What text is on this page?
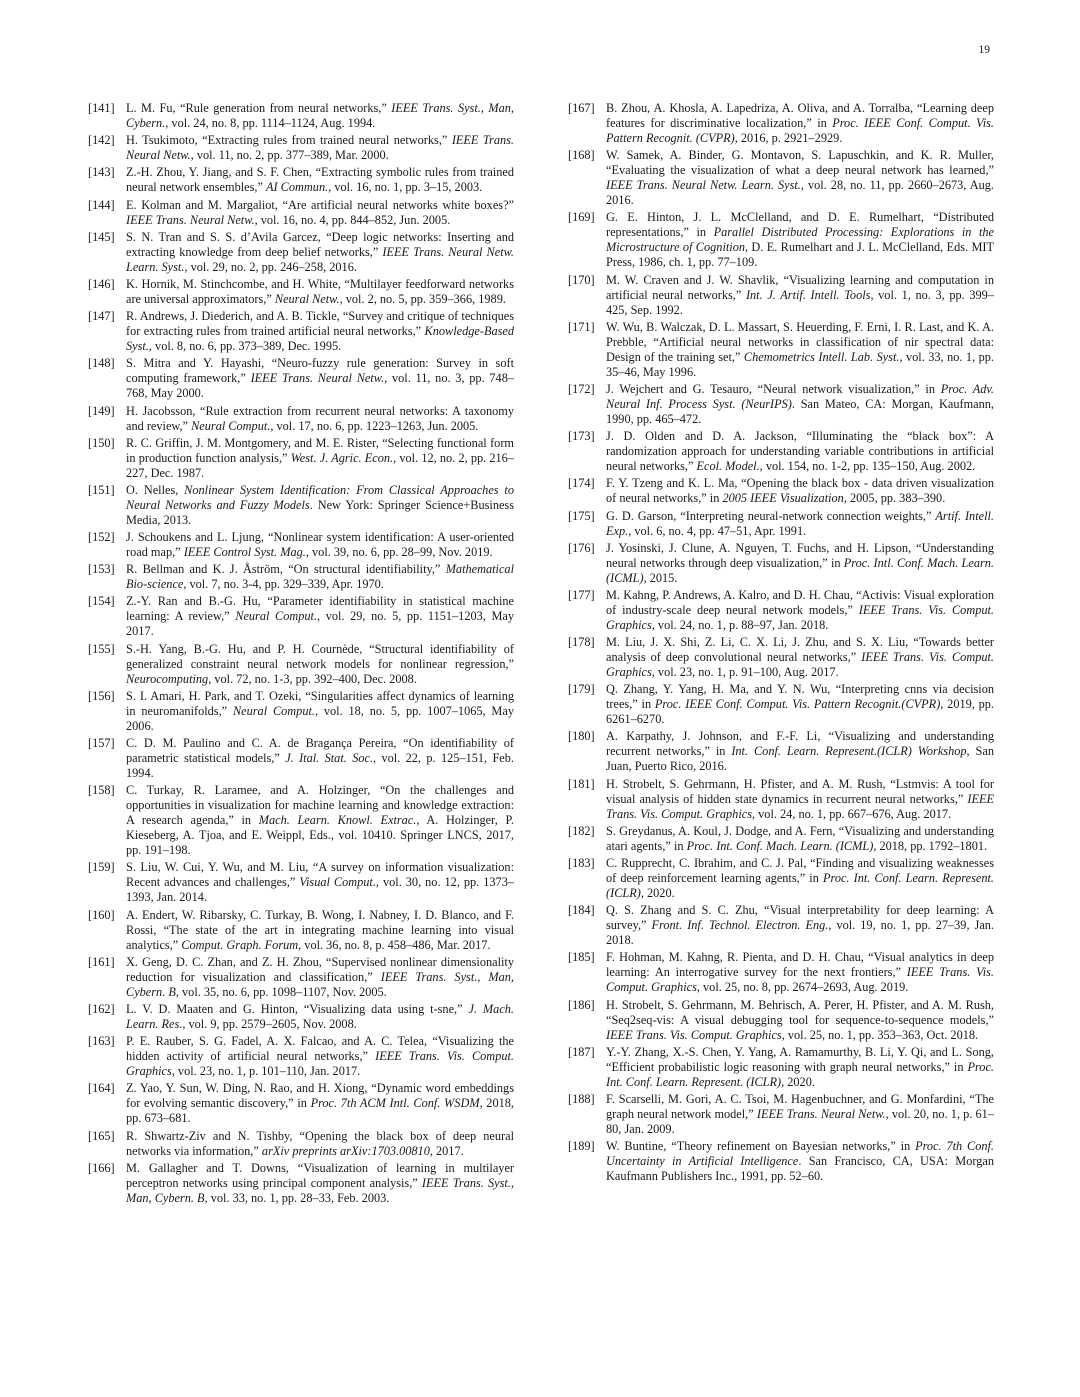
19
[141] L. M. Fu, “Rule generation from neural networks,” IEEE Trans. Syst., Man, Cybern., vol. 24, no. 8, pp. 1114–1124, Aug. 1994.
[142] H. Tsukimoto, “Extracting rules from trained neural networks,” IEEE Trans. Neural Netw., vol. 11, no. 2, pp. 377–389, Mar. 2000.
[143] Z.-H. Zhou, Y. Jiang, and S. F. Chen, “Extracting symbolic rules from trained neural network ensembles,” AI Commun., vol. 16, no. 1, pp. 3–15, 2003.
[144] E. Kolman and M. Margaliot, “Are artificial neural networks white boxes?” IEEE Trans. Neural Netw., vol. 16, no. 4, pp. 844–852, Jun. 2005.
[145] S. N. Tran and S. S. d’Avila Garcez, “Deep logic networks: Inserting and extracting knowledge from deep belief networks,” IEEE Trans. Neural Netw. Learn. Syst., vol. 29, no. 2, pp. 246–258, 2016.
[146] K. Hornik, M. Stinchcombe, and H. White, “Multilayer feedforward networks are universal approximators,” Neural Netw., vol. 2, no. 5, pp. 359–366, 1989.
[147] R. Andrews, J. Diederich, and A. B. Tickle, “Survey and critique of techniques for extracting rules from trained artificial neural networks,” Knowledge-Based Syst., vol. 8, no. 6, pp. 373–389, Dec. 1995.
[148] S. Mitra and Y. Hayashi, “Neuro-fuzzy rule generation: Survey in soft computing framework,” IEEE Trans. Neural Netw., vol. 11, no. 3, pp. 748–768, May 2000.
[149] H. Jacobsson, “Rule extraction from recurrent neural networks: A taxonomy and review,” Neural Comput., vol. 17, no. 6, pp. 1223–1263, Jun. 2005.
[150] R. C. Griffin, J. M. Montgomery, and M. E. Rister, “Selecting functional form in production function analysis,” West. J. Agric. Econ., vol. 12, no. 2, pp. 216–227, Dec. 1987.
[151] O. Nelles, Nonlinear System Identification: From Classical Approaches to Neural Networks and Fuzzy Models. New York: Springer Science+Business Media, 2013.
[152] J. Schoukens and L. Ljung, “Nonlinear system identification: A user-oriented road map,” IEEE Control Syst. Mag., vol. 39, no. 6, pp. 28–99, Nov. 2019.
[153] R. Bellman and K. J. Åström, “On structural identifiability,” Mathematical Bio-science, vol. 7, no. 3-4, pp. 329–339, Apr. 1970.
[154] Z.-Y. Ran and B.-G. Hu, “Parameter identifiability in statistical machine learning: A review,” Neural Comput., vol. 29, no. 5, pp. 1151–1203, May 2017.
[155] S.-H. Yang, B.-G. Hu, and P. H. Cournède, “Structural identifiability of generalized constraint neural network models for nonlinear regression,” Neurocomputing, vol. 72, no. 1-3, pp. 392–400, Dec. 2008.
[156] S. I. Amari, H. Park, and T. Ozeki, “Singularities affect dynamics of learning in neuromanifolds,” Neural Comput., vol. 18, no. 5, pp. 1007–1065, May 2006.
[157] C. D. M. Paulino and C. A. de Bragança Pereira, “On identifiability of parametric statistical models,” J. Ital. Stat. Soc., vol. 22, p. 125–151, Feb. 1994.
[158] C. Turkay, R. Laramee, and A. Holzinger, “On the challenges and opportunities in visualization for machine learning and knowledge extraction: A research agenda,” in Mach. Learn. Knowl. Extrac., A. Holzinger, P. Kieseberg, A. Tjoa, and E. Weippl, Eds., vol. 10410. Springer LNCS, 2017, pp. 191–198.
[159] S. Liu, W. Cui, Y. Wu, and M. Liu, “A survey on information visualization: Recent advances and challenges,” Visual Comput., vol. 30, no. 12, pp. 1373–1393, Jan. 2014.
[160] A. Endert, W. Ribarsky, C. Turkay, B. Wong, I. Nabney, I. D. Blanco, and F. Rossi, “The state of the art in integrating machine learning into visual analytics,” Comput. Graph. Forum, vol. 36, no. 8, p. 458–486, Mar. 2017.
[161] X. Geng, D. C. Zhan, and Z. H. Zhou, “Supervised nonlinear dimensionality reduction for visualization and classification,” IEEE Trans. Syst., Man, Cybern. B, vol. 35, no. 6, pp. 1098–1107, Nov. 2005.
[162] L. V. D. Maaten and G. Hinton, “Visualizing data using t-sne,” J. Mach. Learn. Res., vol. 9, pp. 2579–2605, Nov. 2008.
[163] P. E. Rauber, S. G. Fadel, A. X. Falcao, and A. C. Telea, “Visualizing the hidden activity of artificial neural networks,” IEEE Trans. Vis. Comput. Graphics, vol. 23, no. 1, p. 101–110, Jan. 2017.
[164] Z. Yao, Y. Sun, W. Ding, N. Rao, and H. Xiong, “Dynamic word embeddings for evolving semantic discovery,” in Proc. 7th ACM Intl. Conf. WSDM, 2018, pp. 673–681.
[165] R. Shwartz-Ziv and N. Tishby, “Opening the black box of deep neural networks via information,” arXiv preprints arXiv:1703.00810, 2017.
[166] M. Gallagher and T. Downs, “Visualization of learning in multilayer perceptron networks using principal component analysis,” IEEE Trans. Syst., Man, Cybern. B, vol. 33, no. 1, pp. 28–33, Feb. 2003.
[167] B. Zhou, A. Khosla, A. Lapedriza, A. Oliva, and A. Torralba, “Learning deep features for discriminative localization,” in Proc. IEEE Conf. Comput. Vis. Pattern Recognit. (CVPR), 2016, p. 2921–2929.
[168] W. Samek, A. Binder, G. Montavon, S. Lapuschkin, and K. R. Muller, “Evaluating the visualization of what a deep neural network has learned,” IEEE Trans. Neural Netw. Learn. Syst., vol. 28, no. 11, pp. 2660–2673, Aug. 2016.
[169] G. E. Hinton, J. L. McClelland, and D. E. Rumelhart, “Distributed representations,” in Parallel Distributed Processing: Explorations in the Microstructure of Cognition, D. E. Rumelhart and J. L. McClelland, Eds. MIT Press, 1986, ch. 1, pp. 77–109.
[170] M. W. Craven and J. W. Shavlik, “Visualizing learning and computation in artificial neural networks,” Int. J. Artif. Intell. Tools, vol. 1, no. 3, pp. 399–425, Sep. 1992.
[171] W. Wu, B. Walczak, D. L. Massart, S. Heuerding, F. Erni, I. R. Last, and K. A. Prebble, “Artificial neural networks in classification of nir spectral data: Design of the training set,” Chemometrics Intell. Lab. Syst., vol. 33, no. 1, pp. 35–46, May 1996.
[172] J. Wejchert and G. Tesauro, “Neural network visualization,” in Proc. Adv. Neural Inf. Process Syst. (NeurIPS). San Mateo, CA: Morgan, Kaufmann, 1990, pp. 465–472.
[173] J. D. Olden and D. A. Jackson, “Illuminating the “black box”: A randomization approach for understanding variable contributions in artificial neural networks,” Ecol. Model., vol. 154, no. 1-2, pp. 135–150, Aug. 2002.
[174] F. Y. Tzeng and K. L. Ma, “Opening the black box - data driven visualization of neural networks,” in 2005 IEEE Visualization, 2005, pp. 383–390.
[175] G. D. Garson, “Interpreting neural-network connection weights,” Artif. Intell. Exp., vol. 6, no. 4, pp. 47–51, Apr. 1991.
[176] J. Yosinski, J. Clune, A. Nguyen, T. Fuchs, and H. Lipson, “Understanding neural networks through deep visualization,” in Proc. Intl. Conf. Mach. Learn. (ICML), 2015.
[177] M. Kahng, P. Andrews, A. Kalro, and D. H. Chau, “Activis: Visual exploration of industry-scale deep neural network models,” IEEE Trans. Vis. Comput. Graphics, vol. 24, no. 1, p. 88–97, Jan. 2018.
[178] M. Liu, J. X. Shi, Z. Li, C. X. Li, J. Zhu, and S. X. Liu, “Towards better analysis of deep convolutional neural networks,” IEEE Trans. Vis. Comput. Graphics, vol. 23, no. 1, p. 91–100, Aug. 2017.
[179] Q. Zhang, Y. Yang, H. Ma, and Y. N. Wu, “Interpreting cnns via decision trees,” in Proc. IEEE Conf. Comput. Vis. Pattern Recognit.(CVPR), 2019, pp. 6261–6270.
[180] A. Karpathy, J. Johnson, and F.-F. Li, “Visualizing and understanding recurrent networks,” in Int. Conf. Learn. Represent.(ICLR) Workshop, San Juan, Puerto Rico, 2016.
[181] H. Strobelt, S. Gehrmann, H. Pfister, and A. M. Rush, “Lstmvis: A tool for visual analysis of hidden state dynamics in recurrent neural networks,” IEEE Trans. Vis. Comput. Graphics, vol. 24, no. 1, pp. 667–676, Aug. 2017.
[182] S. Greydanus, A. Koul, J. Dodge, and A. Fern, “Visualizing and understanding atari agents,” in Proc. Int. Conf. Mach. Learn. (ICML), 2018, pp. 1792–1801.
[183] C. Rupprecht, C. Ibrahim, and C. J. Pal, “Finding and visualizing weaknesses of deep reinforcement learning agents,” in Proc. Int. Conf. Learn. Represent. (ICLR), 2020.
[184] Q. S. Zhang and S. C. Zhu, “Visual interpretability for deep learning: A survey,” Front. Inf. Technol. Electron. Eng., vol. 19, no. 1, pp. 27–39, Jan. 2018.
[185] F. Hohman, M. Kahng, R. Pienta, and D. H. Chau, “Visual analytics in deep learning: An interrogative survey for the next frontiers,” IEEE Trans. Vis. Comput. Graphics, vol. 25, no. 8, pp. 2674–2693, Aug. 2019.
[186] H. Strobelt, S. Gehrmann, M. Behrisch, A. Perer, H. Pfister, and A. M. Rush, “Seq2seq-vis: A visual debugging tool for sequence-to-sequence models,” IEEE Trans. Vis. Comput. Graphics, vol. 25, no. 1, pp. 353–363, Oct. 2018.
[187] Y.-Y. Zhang, X.-S. Chen, Y. Yang, A. Ramamurthy, B. Li, Y. Qi, and L. Song, “Efficient probabilistic logic reasoning with graph neural networks,” in Proc. Int. Conf. Learn. Represent. (ICLR), 2020.
[188] F. Scarselli, M. Gori, A. C. Tsoi, M. Hagenbuchner, and G. Monfardini, “The graph neural network model,” IEEE Trans. Neural Netw., vol. 20, no. 1, p. 61–80, Jan. 2009.
[189] W. Buntine, “Theory refinement on Bayesian networks,” in Proc. 7th Conf. Uncertainty in Artificial Intelligence. San Francisco, CA, USA: Morgan Kaufmann Publishers Inc., 1991, pp. 52–60.
